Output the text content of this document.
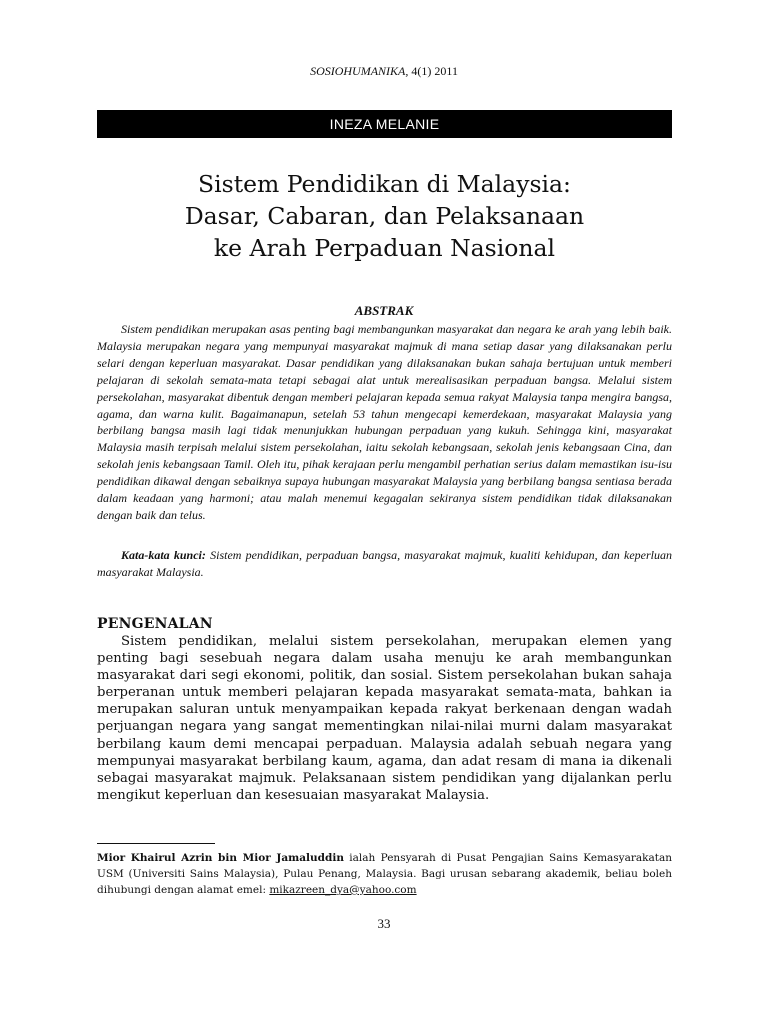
SOSIOHUMANIKA, 4(1) 2011
INEZA MELANIE
Sistem Pendidikan di Malaysia:
Dasar, Cabaran, dan Pelaksanaan
ke Arah Perpaduan Nasional
ABSTRAK

Sistem pendidikan merupakan asas penting bagi membangunkan masyarakat dan negara ke arah yang lebih baik. Malaysia merupakan negara yang mempunyai masyarakat majmuk di mana setiap dasar yang dilaksanakan perlu selari dengan keperluan masyarakat. Dasar pendidikan yang dilaksanakan bukan sahaja bertujuan untuk memberi pelajaran di sekolah semata-mata tetapi sebagai alat untuk merealisasikan perpaduan bangsa. Melalui sistem persekolahan, masyarakat dibentuk dengan memberi pelajaran kepada semua rakyat Malaysia tanpa mengira bangsa, agama, dan warna kulit. Bagaimanapun, setelah 53 tahun mengecapi kemerdekaan, masyarakat Malaysia yang berbilang bangsa masih lagi tidak menunjukkan hubungan perpaduan yang kukuh. Sehingga kini, masyarakat Malaysia masih terpisah melalui sistem persekolahan, iaitu sekolah kebangsaan, sekolah jenis kebangsaan Cina, dan sekolah jenis kebangsaan Tamil. Oleh itu, pihak kerajaan perlu mengambil perhatian serius dalam memastikan isu-isu pendidikan dikawal dengan sebaiknya supaya hubungan masyarakat Malaysia yang berbilang bangsa sentiasa berada dalam keadaan yang harmoni; atau malah menemui kegagalan sekiranya sistem pendidikan tidak dilaksanakan dengan baik dan telus.

Kata-kata kunci: Sistem pendidikan, perpaduan bangsa, masyarakat majmuk, kualiti kehidupan, dan keperluan masyarakat Malaysia.

PENGENALAN

Sistem pendidikan, melalui sistem persekolahan, merupakan elemen yang penting bagi sesebuah negara dalam usaha menuju ke arah membangunkan masyarakat dari segi ekonomi, politik, dan sosial. Sistem persekolahan bukan sahaja berperanan untuk memberi pelajaran kepada masyarakat semata-mata, bahkan ia merupakan saluran untuk menyampaikan kepada rakyat berkenaan dengan wadah perjuangan negara yang sangat mementingkan nilai-nilai murni dalam masyarakat berbilang kaum demi mencapai perpaduan. Malaysia adalah sebuah negara yang mempunyai masyarakat berbilang kaum, agama, dan adat resam di mana ia dikenali sebagai masyarakat majmuk. Pelaksanaan sistem pendidikan yang dijalankan perlu mengikut keperluan dan kesesuaian masyarakat Malaysia.

Mior Khairul Azrin bin Mior Jamaluddin ialah Pensyarah di Pusat Pengajian Sains Kemasyarakatan USM (Universiti Sains Malaysia), Pulau Penang, Malaysia. Bagi urusan sebarang akademik, beliau boleh dihubungi dengan alamat emel: mikazreen_dya@yahoo.com

33
